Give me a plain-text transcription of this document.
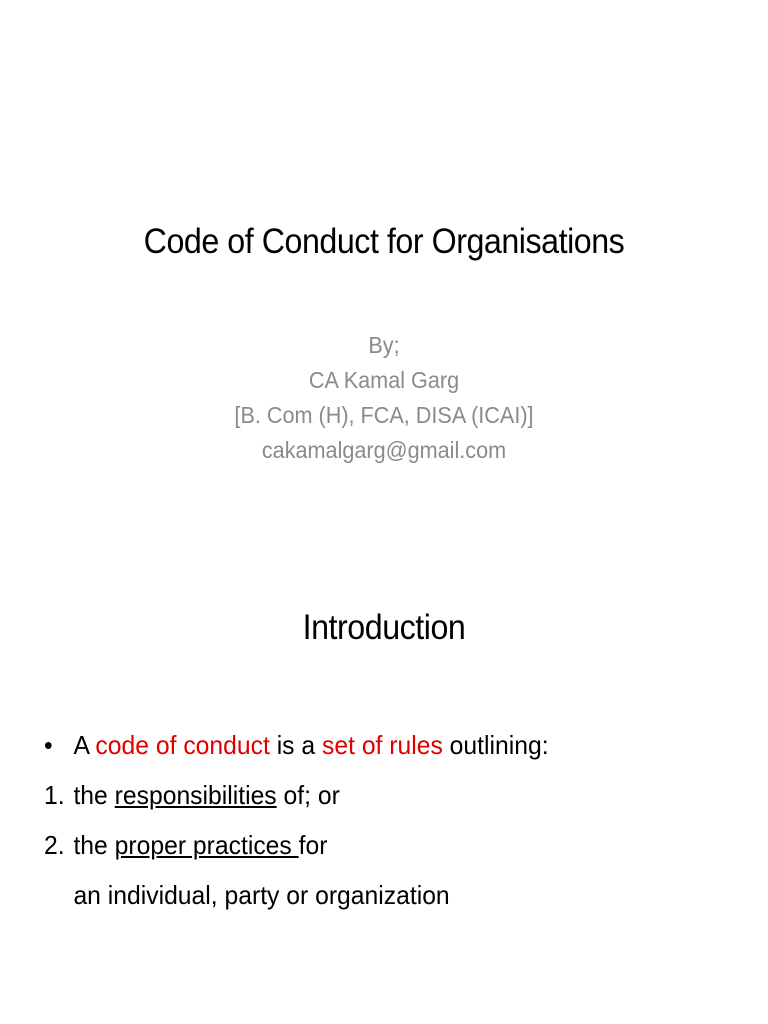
Code of Conduct for Organisations
By;
CA Kamal Garg
[B. Com (H), FCA, DISA (ICAI)]
cakamalgarg@gmail.com
Introduction
• A code of conduct is a set of rules outlining:
1. the responsibilities of; or
2. the proper practices for
an individual, party or organization
